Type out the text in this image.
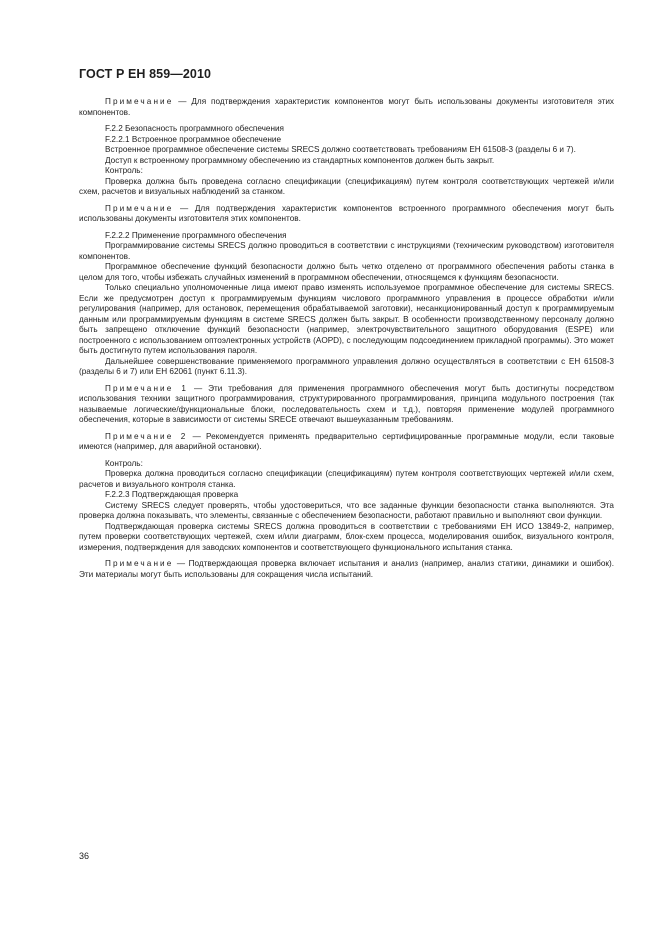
ГОСТ Р ЕН 859—2010

Примечание — Для подтверждения характеристик компонентов могут быть использованы документы изготовителя этих компонентов.

F.2.2 Безопасность программного обеспечения

F.2.2.1 Встроенное программное обеспечение

Встроенное программное обеспечение системы SRECS должно соответствовать требованиям ЕН 61508-3 (разделы 6 и 7).

Доступ к встроенному программному обеспечению из стандартных компонентов должен быть закрыт.

Контроль:

Проверка должна быть проведена согласно спецификации (спецификациям) путем контроля соответствующих чертежей и/или схем, расчетов и визуальных наблюдений за станком.

Примечание — Для подтверждения характеристик компонентов встроенного программного обеспечения могут быть использованы документы изготовителя этих компонентов.

F.2.2.2 Применение программного обеспечения

Программирование системы SRECS должно проводиться в соответствии с инструкциями (техническим руководством) изготовителя компонентов.

Программное обеспечение функций безопасности должно быть четко отделено от программного обеспечения работы станка в целом для того, чтобы избежать случайных изменений в программном обеспечении, относящемся к функциям безопасности.

Только специально уполномоченные лица имеют право изменять используемое программное обеспечение для системы SRECS. Если же предусмотрен доступ к программируемым функциям числового программного управления в процессе обработки и/или регулирования (например, для остановок, перемещения обрабатываемой заготовки), несанкционированный доступ к программируемым данным или программируемым функциям в системе SRECS должен быть закрыт. В особенности производственному персоналу должно быть запрещено отключение функций безопасности (например, электрочувствительного защитного оборудования (ESPE) или построенного с использованием оптоэлектронных устройств (AOPD), с последующим подсоединением прикладной программы). Это может быть достигнуто путем использования пароля.

Дальнейшее совершенствование применяемого программного управления должно осуществляться в соответствии с ЕН 61508-3 (разделы 6 и 7) или ЕН 62061 (пункт 6.11.3).

Примечание 1 — Эти требования для применения программного обеспечения могут быть достигнуты посредством использования техники защитного программирования, структурированного программирования, принципа модульного построения (так называемые логические/функциональные блоки, последовательность схем и т.д.), повторяя применение модулей программного обеспечения, которые в зависимости от системы SRECE отвечают вышеуказанным требованиям.

Примечание 2 — Рекомендуется применять предварительно сертифицированные программные модули, если таковые имеются (например, для аварийной остановки).

Контроль:

Проверка должна проводиться согласно спецификации (спецификациям) путем контроля соответствующих чертежей и/или схем, расчетов и визуального контроля станка.

F.2.2.3 Подтверждающая проверка

Систему SRECS следует проверять, чтобы удостовериться, что все заданные функции безопасности станка выполняются. Эта проверка должна показывать, что элементы, связанные с обеспечением безопасности, работают правильно и выполняют свои функции.

Подтверждающая проверка системы SRECS должна проводиться в соответствии с требованиями ЕН ИСО 13849-2, например, путем проверки соответствующих чертежей, схем и/или диаграмм, блок-схем процесса, моделирования ошибок, визуального контроля, измерения, подтверждения для заводских компонентов и соответствующего функционального испытания станка.

Примечание — Подтверждающая проверка включает испытания и анализ (например, анализ статики, динамики и ошибок). Эти материалы могут быть использованы для сокращения числа испытаний.

36
